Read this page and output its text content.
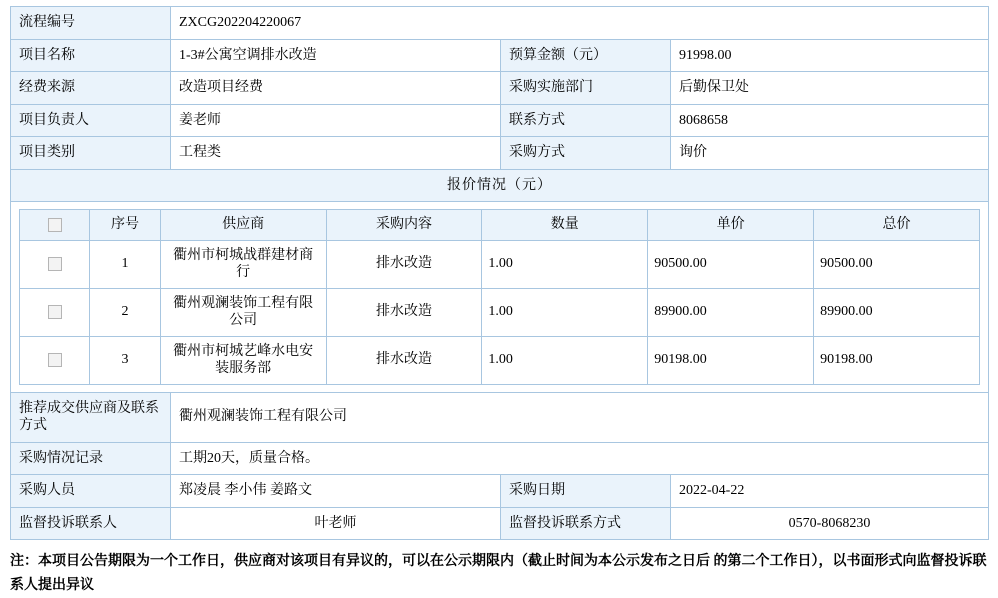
流程编号	ZXCG202204220067
项目名称	1-3#公寓空调排水改造	预算金额（元）	91998.00
经费来源	改造项目经费	采购实施部门	后勤保卫处
项目负责人	姜老师	联系方式	8068658
项目类别	工程类	采购方式	询价
报价情况（元）

	序号	供应商	采购内容	数量	单价	总价
	1	衢州市柯城战群建材商行	排水改造	1.00	90500.00	90500.00
	2	衢州观澜装饰工程有限公司	排水改造	1.00	89900.00	89900.00
	3	衢州市柯城艺峰水电安装服务部	排水改造	1.00	90198.00	90198.00

推荐成交供应商及联系方式	衢州观澜装饰工程有限公司
采购情况记录	工期20天，质量合格。
采购人员	郑凌晨 李小伟 姜路文	采购日期	2022-04-22
监督投诉联系人	叶老师	监督投诉联系方式	0570-8068230
注：本项目公告期限为一个工作日，供应商对该项目有异议的，可以在公示期限内（截止时间为本公示发布之日后 的第二个工作日），以书面形式向监督投诉联系人提出异议
